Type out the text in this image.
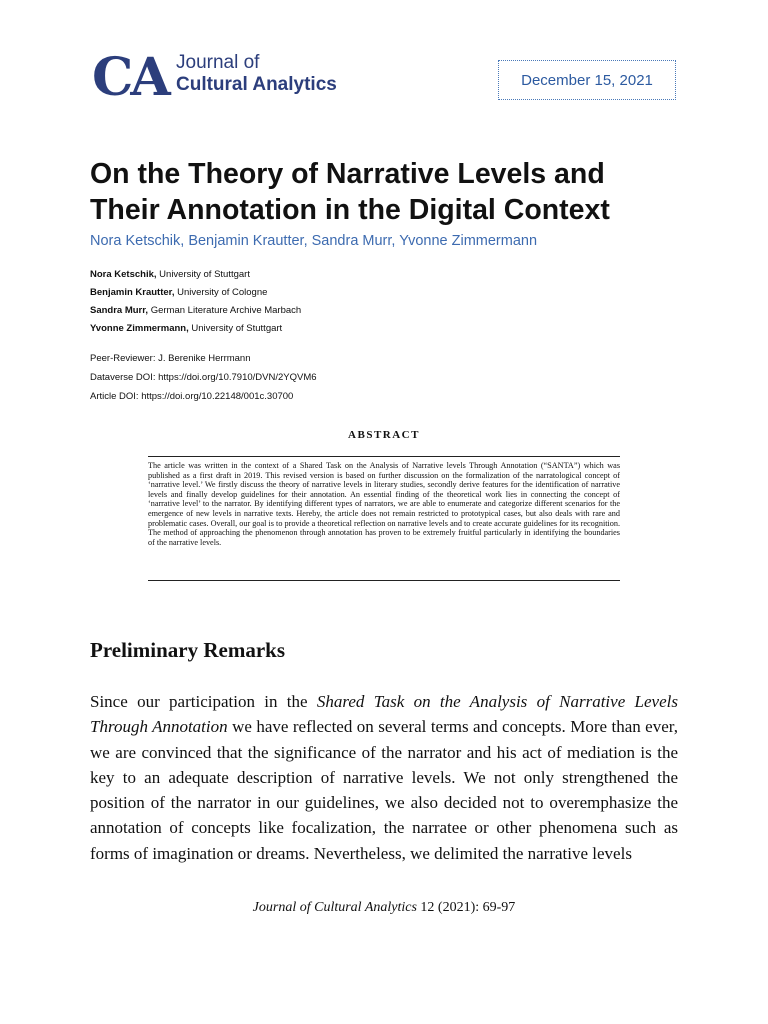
CA Journal of
Cultural Analytics	December 15, 2021
On the Theory of Narrative Levels and
Their Annotation in the Digital Context
Nora Ketschik, Benjamin Krautter, Sandra Murr, Yvonne Zimmermann
Nora Ketschik, University of Stuttgart
Benjamin Krautter, University of Cologne
Sandra Murr, German Literature Archive Marbach
Yvonne Zimmermann, University of Stuttgart
Peer-Reviewer: J. Berenike Herrmann
Dataverse DOI: https://doi.org/10.7910/DVN/2YQVM6
Article DOI: https://doi.org/10.22148/001c.30700
ABSTRACT
The article was written in the context of a Shared Task on the Analysis of Narrative levels Through Annotation (“SANTA”) which was published as a first draft in 2019. This revised version is based on further discussion on the formalization of the narratological concept of ‘narrative level.’ We firstly discuss the theory of narrative levels in literary studies, secondly derive features for the identification of narrative levels and finally develop guidelines for their annotation. An essential finding of the theoretical work lies in connecting the concept of ‘narrative level’ to the narrator. By identifying different types of narrators, we are able to enumerate and categorize different scenarios for the emergence of new levels in narrative texts. Hereby, the article does not remain restricted to prototypical cases, but also deals with rare and problematic cases. Overall, our goal is to provide a theoretical reflection on narrative levels and to create accurate guidelines for its recognition. The method of approaching the phenomenon through annotation has proven to be extremely fruitful particularly in identifying the boundaries of the narrative levels.
Preliminary Remarks
Since our participation in the Shared Task on the Analysis of Narrative Levels Through Annotation we have reflected on several terms and concepts. More than ever, we are convinced that the significance of the narrator and his act of mediation is the key to an adequate description of narrative levels. We not only strengthened the position of the narrator in our guidelines, we also decided not to overemphasize the annotation of concepts like focalization, the narratee or other phenomena such as forms of imagination or dreams. Nevertheless, we delimited the narrative levels
Journal of Cultural Analytics 12 (2021): 69-97
